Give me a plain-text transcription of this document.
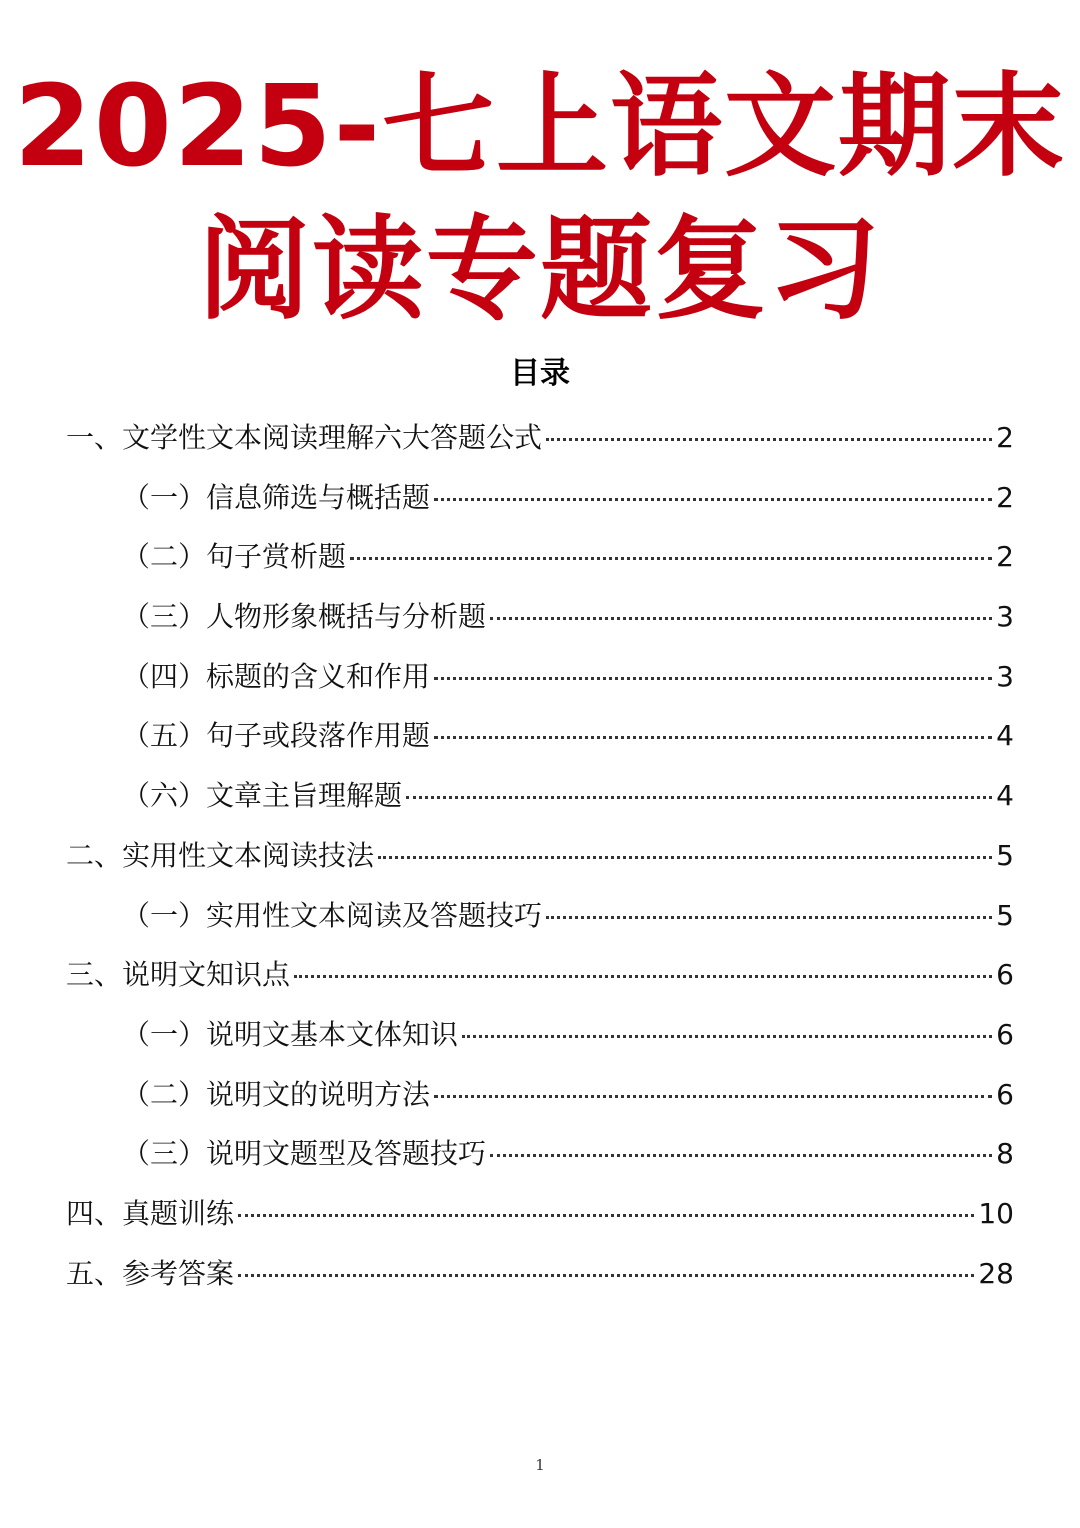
2025-七上语文期末
阅读专题复习
目录
一、文学性文本阅读理解六大答题公式	2
（一）信息筛选与概括题	2
（二）句子赏析题	2
（三）人物形象概括与分析题	3
（四）标题的含义和作用	3
（五）句子或段落作用题	4
（六）文章主旨理解题	4
二、实用性文本阅读技法	5
（一）实用性文本阅读及答题技巧	5
三、说明文知识点	6
（一）说明文基本文体知识	6
（二）说明文的说明方法	6
（三）说明文题型及答题技巧	8
四、真题训练	10
五、参考答案	28
1
